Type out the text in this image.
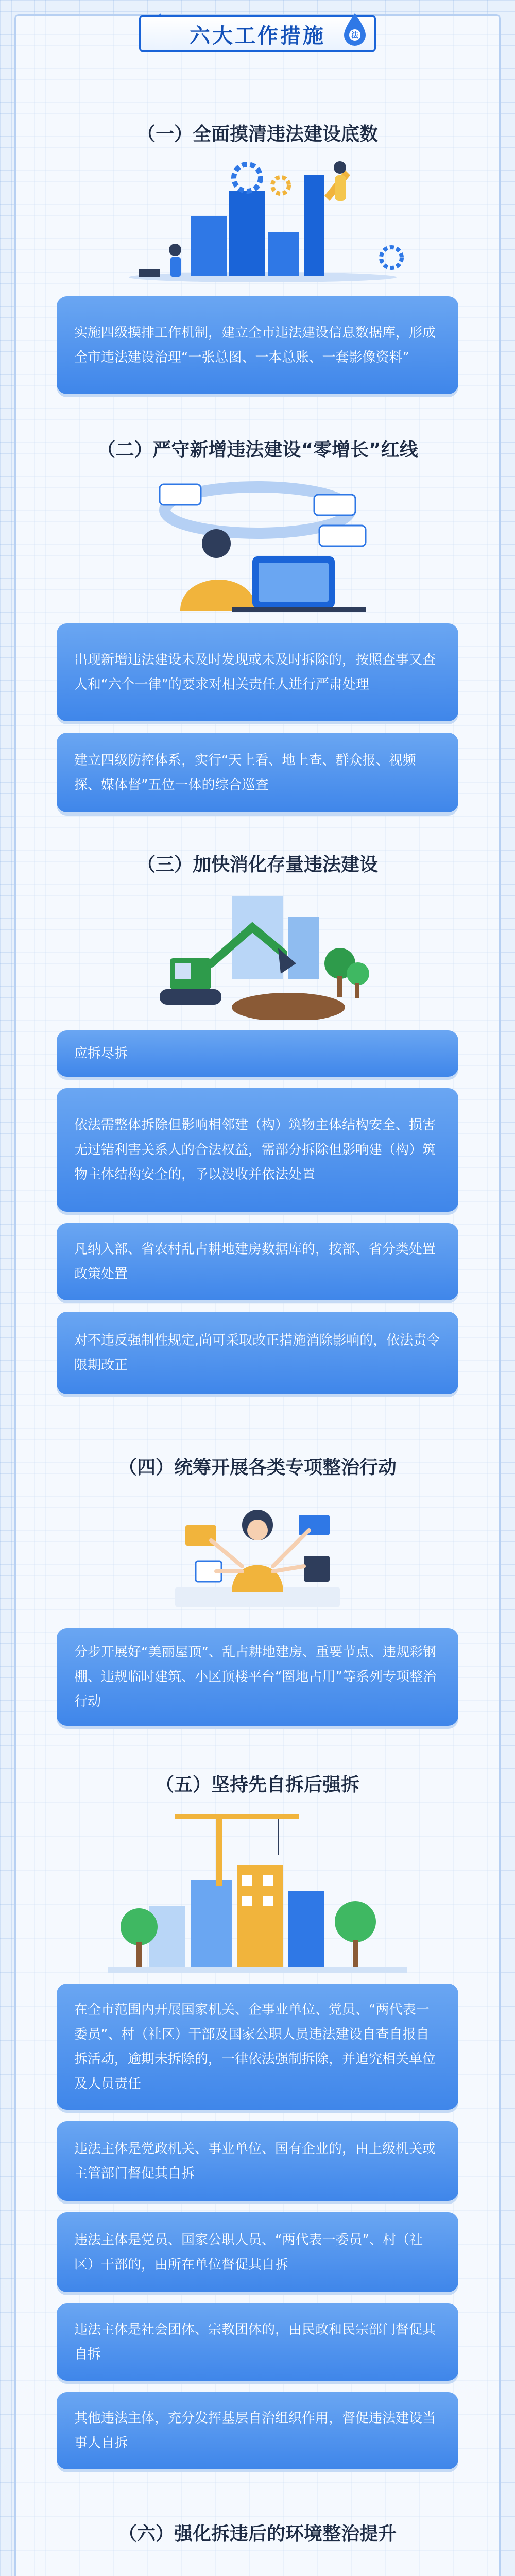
六大工作措施	法
（一）全面摸清违法建设底数
实施四级摸排工作机制，建立全市违法建设信息数据库，形成全市违法建设治理“一张总图、一本总账、一套影像资料”
（二）严守新增违法建设“零增长”红线
出现新增违法建设未及时发现或未及时拆除的，按照查事又查人和“六个一律”的要求对相关责任人进行严肃处理
建立四级防控体系，实行“天上看、地上查、群众报、视频探、媒体督”五位一体的综合巡查
（三）加快消化存量违法建设
应拆尽拆
依法需整体拆除但影响相邻建（构）筑物主体结构安全、损害无过错利害关系人的合法权益，需部分拆除但影响建（构）筑物主体结构安全的，予以没收并依法处置
凡纳入部、省农村乱占耕地建房数据库的，按部、省分类处置政策处置
对不违反强制性规定,尚可采取改正措施消除影响的，依法责令限期改正
（四）统筹开展各类专项整治行动
分步开展好“美丽屋顶”、乱占耕地建房、重要节点、违规彩钢棚、违规临时建筑、小区顶楼平台“圈地占用”等系列专项整治行动
（五）坚持先自拆后强拆
在全市范围内开展国家机关、企事业单位、党员、“两代表一委员”、村（社区）干部及国家公职人员违法建设自查自报自拆活动，逾期未拆除的，一律依法强制拆除，并追究相关单位及人员责任
违法主体是党政机关、事业单位、国有企业的，由上级机关或主管部门督促其自拆
违法主体是党员、国家公职人员、“两代表一委员”、村（社区）干部的，由所在单位督促其自拆
违法主体是社会团体、宗教团体的，由民政和民宗部门督促其自拆
其他违法主体，充分发挥基层自治组织作用，督促违法建设当事人自拆
（六）强化拆违后的环境整治提升
